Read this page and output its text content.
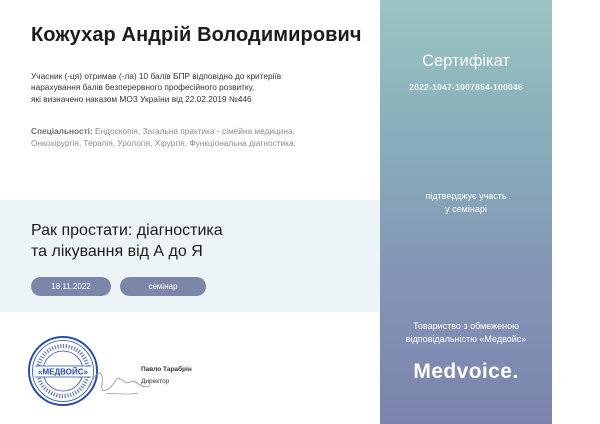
Кожухар Андрій Володимирович
Учасник (-ця) отримав (-ла) 10 балів БПР відповідно до критеріїв
нарахування балів безперервного професійного розвитку,
які визначено наказом МОЗ України від 22.02.2019 №446
Спеціальності: Ендоскопія, Загальна практика - сімейна медицина,
Онкохірургія, Терапія, Урологія, Хірургія, Функціональна діагностика.
Рак простати: діагностика
та лікування від А до Я
18.11.2022	семінар
«МЕДВОЙС»	Павло Тарабрін
Директор
Сертифікат
2022-1047-1007854-100046
підтверджує участь
у семінарі
Товариство з обмеженою
відповідальністю «Медвойс»
Medvoice.
